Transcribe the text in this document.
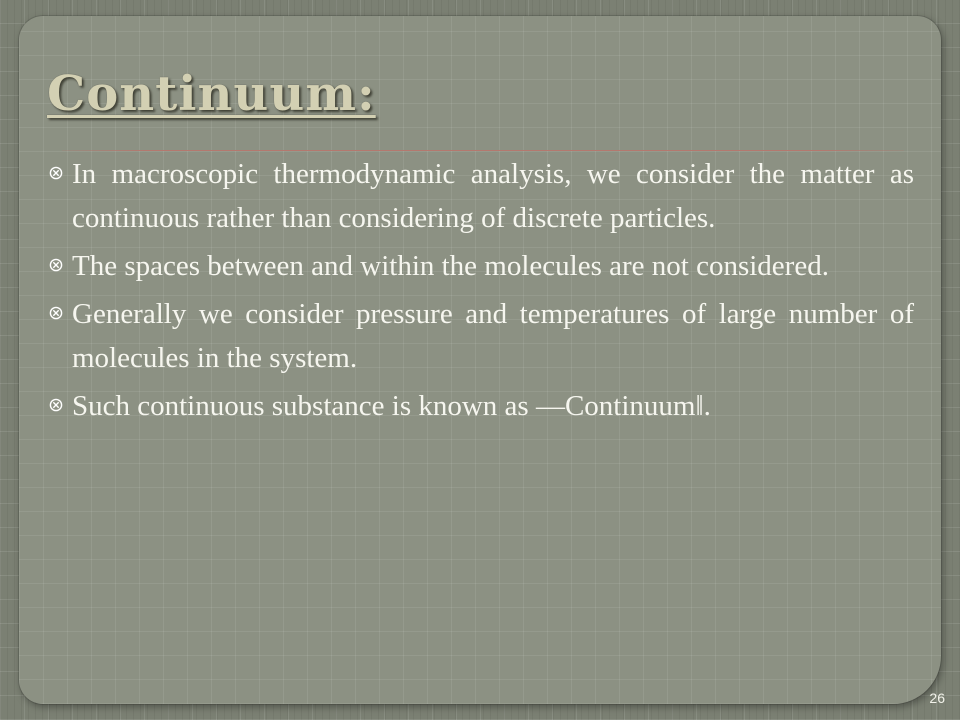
Continuum:
In macroscopic thermodynamic analysis, we consider the matter as continuous rather than considering of discrete particles.
The spaces between and within the molecules are not considered.
Generally we consider pressure and temperatures of large number of molecules in the system.
Such continuous substance is known as ―Continuum‖.
26
